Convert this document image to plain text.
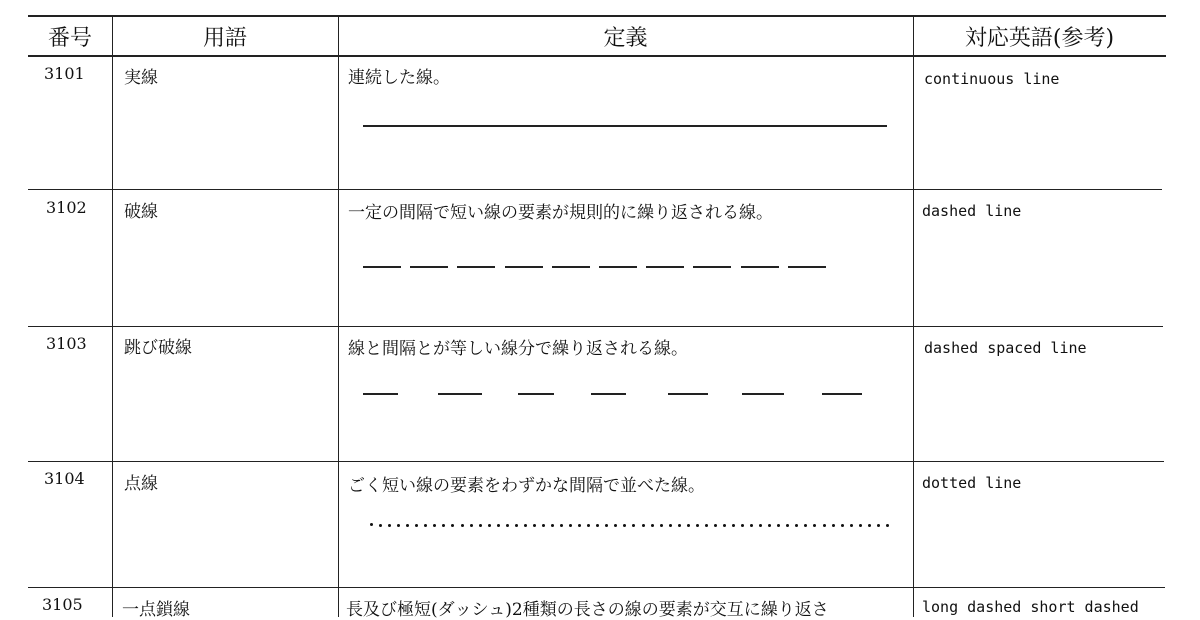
番号	用語	定義	対応英語(参考)
3101 実線	連続した線。	continuous line
3102 破線	一定の間隔で短い線の要素が規則的に繰り返される線。	dashed line
3103 跳び破線	線と間隔とが等しい線分で繰り返される線。	dashed spaced line
3104 点線	ごく短い線の要素をわずかな間隔で並べた線。	dotted line
3105 一点鎖線	長及び極短(ダッシュ)2種類の長さの線の要素が交互に繰り返さ	long dashed short dashed
